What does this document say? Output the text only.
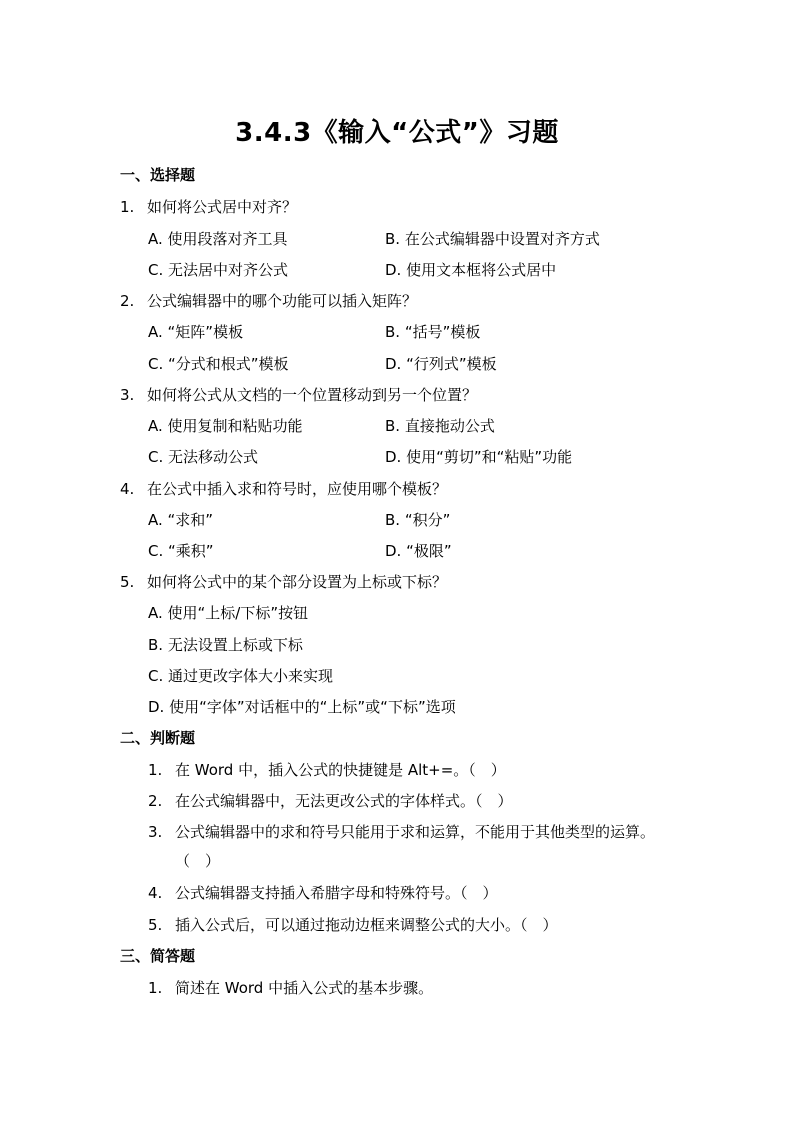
3.4.3《输入“公式”》习题
一、选择题
1. 如何将公式居中对齐？
A. 使用段落对齐工具	B. 在公式编辑器中设置对齐方式
C. 无法居中对齐公式	D. 使用文本框将公式居中
2. 公式编辑器中的哪个功能可以插入矩阵？
A. “矩阵”模板	B. “括号”模板
C. “分式和根式”模板	D. “行列式”模板
3. 如何将公式从文档的一个位置移动到另一个位置？
A. 使用复制和粘贴功能	B. 直接拖动公式
C. 无法移动公式	D. 使用“剪切”和“粘贴”功能
4. 在公式中插入求和符号时，应使用哪个模板？
A. “求和”	B. “积分”
C. “乘积”	D. “极限”
5. 如何将公式中的某个部分设置为上标或下标？
A. 使用“上标/下标”按钮
B. 无法设置上标或下标
C. 通过更改字体大小来实现
D. 使用“字体”对话框中的“上标”或“下标”选项
二、判断题
1. 在 Word 中，插入公式的快捷键是 Alt+=。（　）
2. 在公式编辑器中，无法更改公式的字体样式。（　）
3. 公式编辑器中的求和符号只能用于求和运算，不能用于其他类型的运算。
（　）
4. 公式编辑器支持插入希腊字母和特殊符号。（　）
5. 插入公式后，可以通过拖动边框来调整公式的大小。（　）
三、简答题
1. 简述在 Word 中插入公式的基本步骤。
